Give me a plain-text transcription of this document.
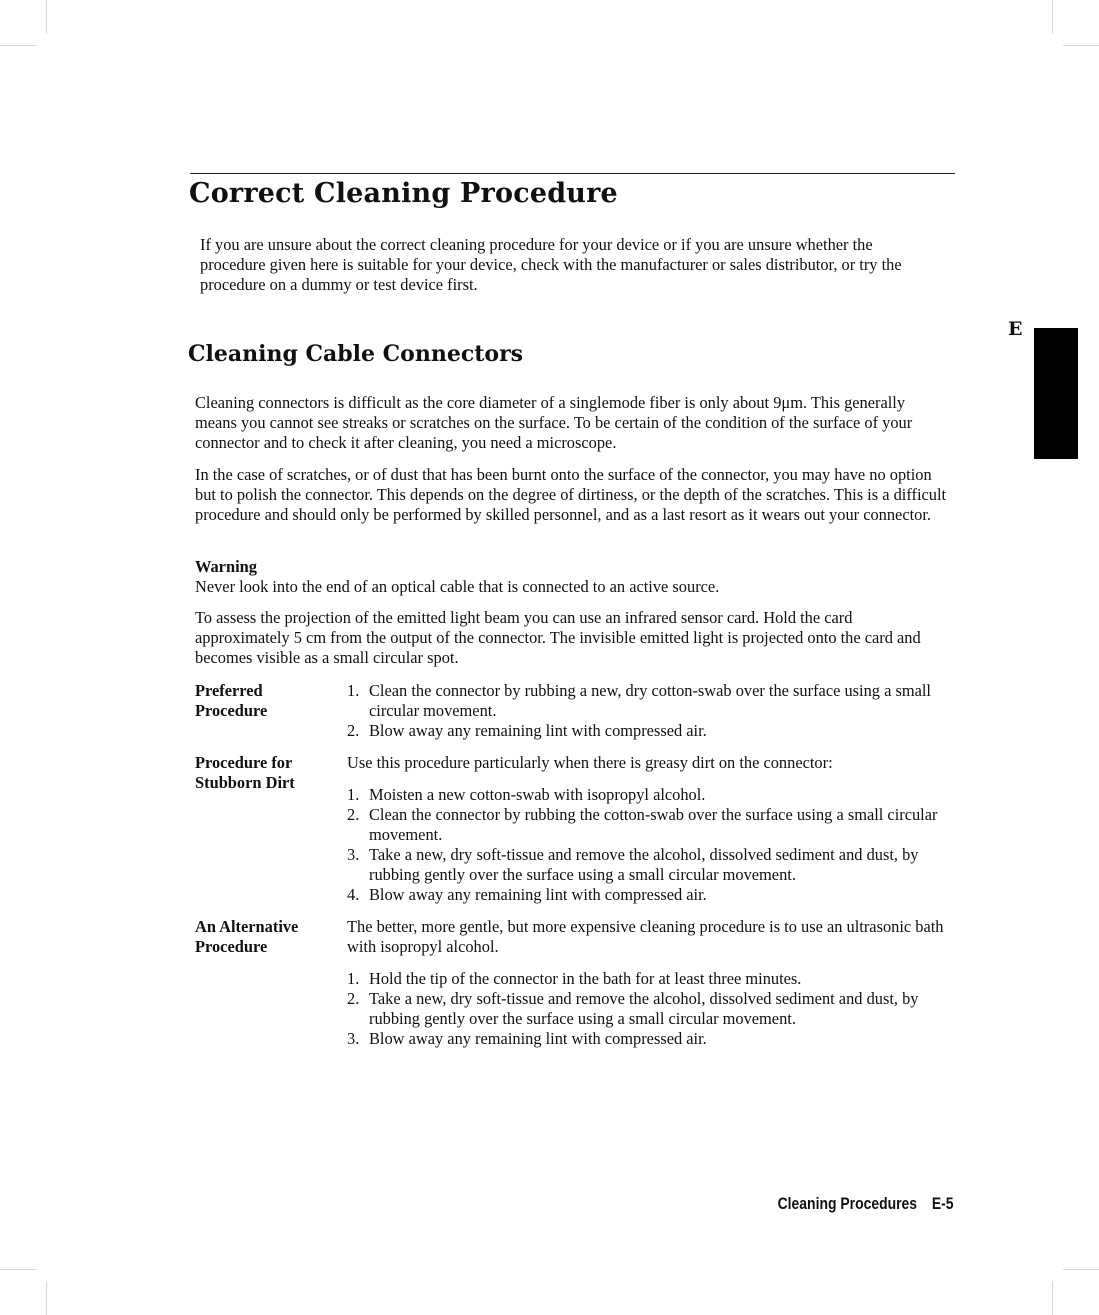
Correct Cleaning Procedure

If you are unsure about the correct cleaning procedure for your device or if you are unsure whether the procedure given here is suitable for your device, check with the manufacturer or sales distributor, or try the procedure on a dummy or test device first.

E
Cleaning Cable Connectors

Cleaning connectors is difficult as the core diameter of a singlemode fiber is only about 9μm. This generally means you cannot see streaks or scratches on the surface. To be certain of the condition of the surface of your connector and to check it after cleaning, you need a microscope.

In the case of scratches, or of dust that has been burnt onto the surface of the connector, you may have no option but to polish the connector. This depends on the degree of dirtiness, or the depth of the scratches. This is a difficult procedure and should only be performed by skilled personnel, and as a last resort as it wears out your connector.

Warning

Never look into the end of an optical cable that is connected to an active source.

To assess the projection of the emitted light beam you can use an infrared sensor card. Hold the card approximately 5 cm from the output of the connector. The invisible emitted light is projected onto the card and becomes visible as a small circular spot.

Preferred Procedure
1. Clean the connector by rubbing a new, dry cotton-swab over the surface using a small circular movement.
2. Blow away any remaining lint with compressed air.
Procedure for Stubborn Dirt

Use this procedure particularly when there is greasy dirt on the connector:

1. Moisten a new cotton-swab with isopropyl alcohol.
2. Clean the connector by rubbing the cotton-swab over the surface using a small circular movement.
3. Take a new, dry soft-tissue and remove the alcohol, dissolved sediment and dust, by rubbing gently over the surface using a small circular movement.
4. Blow away any remaining lint with compressed air.
An Alternative Procedure

The better, more gentle, but more expensive cleaning procedure is to use an ultrasonic bath with isopropyl alcohol.

1. Hold the tip of the connector in the bath for at least three minutes.
2. Take a new, dry soft-tissue and remove the alcohol, dissolved sediment and dust, by rubbing gently over the surface using a small circular movement.
3. Blow away any remaining lint with compressed air.
Cleaning Procedures E-5
